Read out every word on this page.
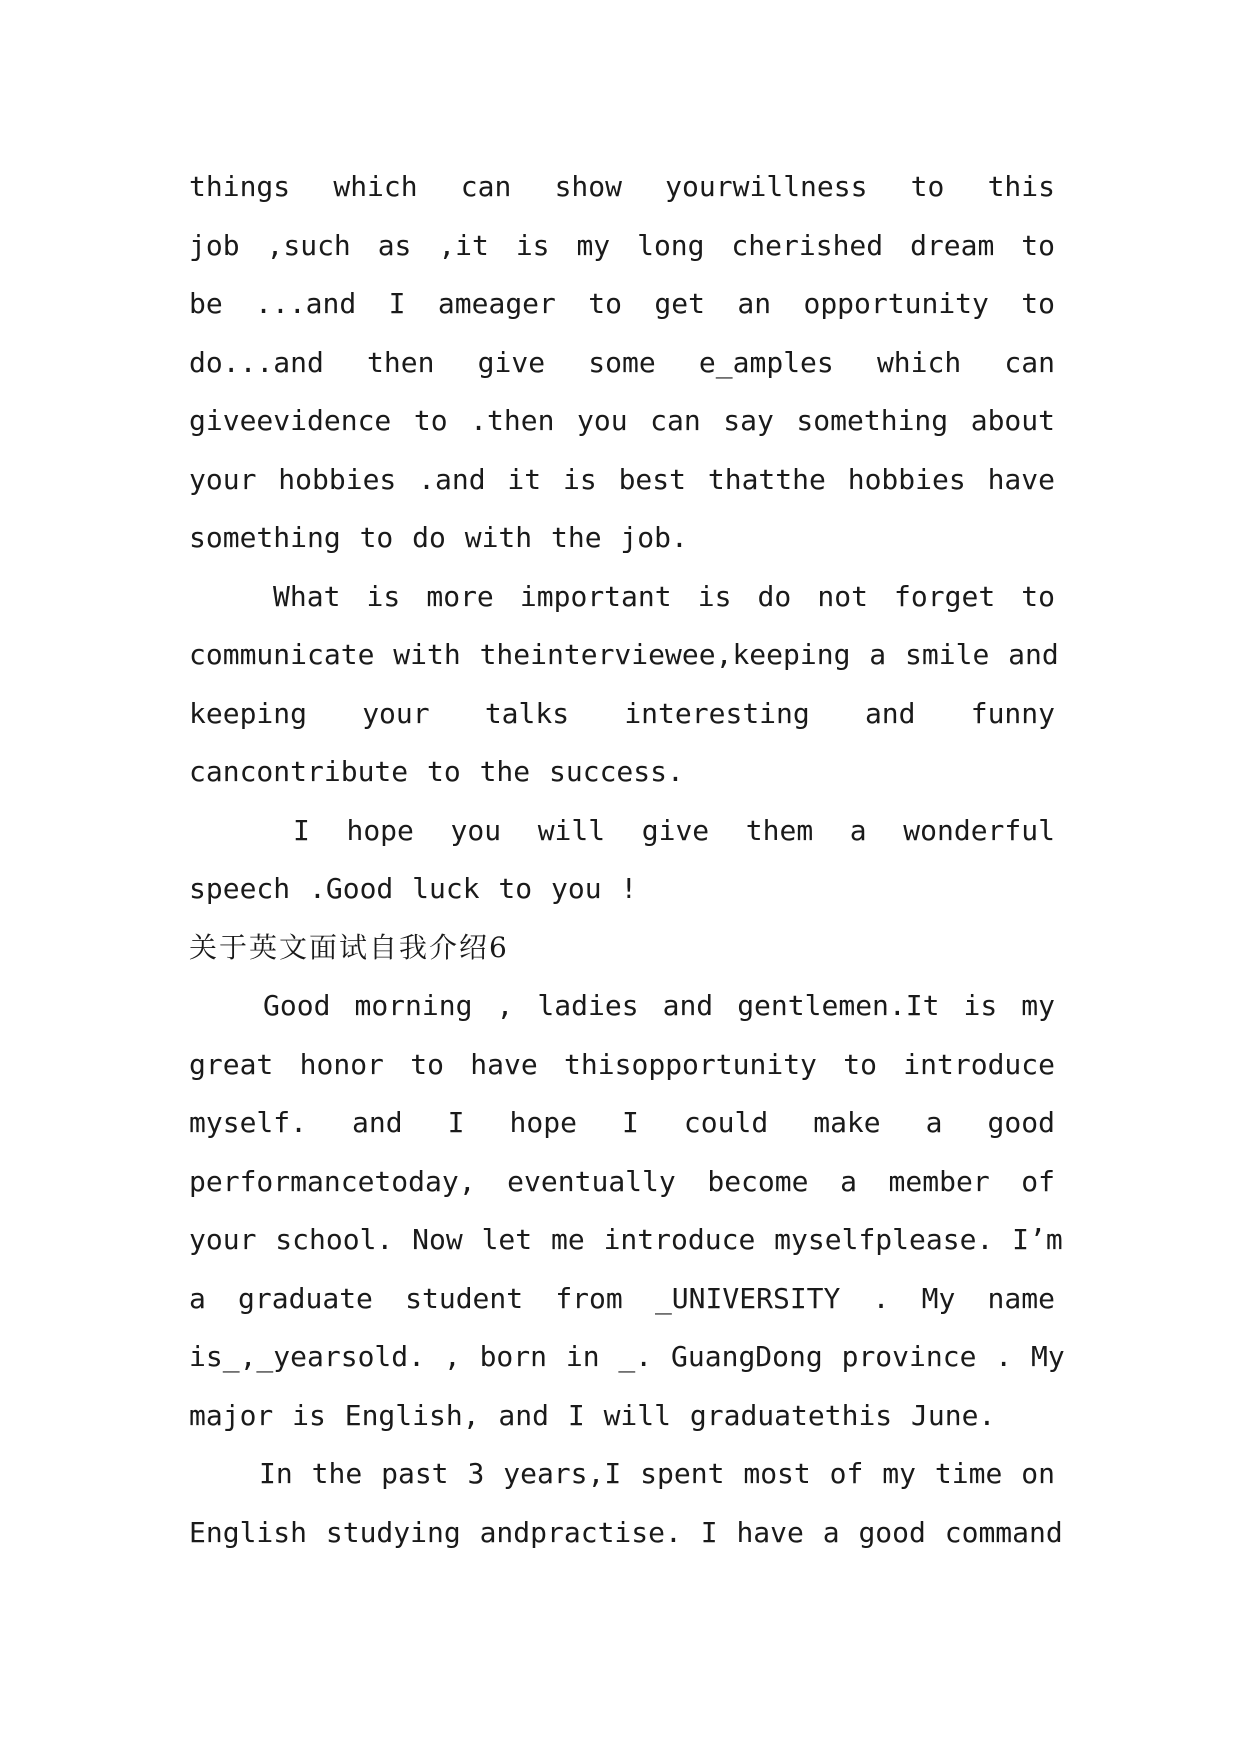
things which can show yourwillness to this
job ,such as ,it is my long cherished dream to
be ...and I ameager to get an opportunity to
do...and then give some e_amples which can
giveevidence to .then you can say something about
your hobbies .and it is best thatthe hobbies have
something to do with the job.
What is more important is do not forget to
communicate with theinterviewee,keeping a smile and
keeping your talks interesting and funny
cancontribute to the success.
I hope you will give them a wonderful
speech .Good luck to you !
关于英文面试自我介绍6
Good morning , ladies and gentlemen.It is my
great honor to have thisopportunity to introduce
myself. and I hope I could make a good
performancetoday, eventually become a member of
your school. Now let me introduce myselfplease. I’m
a graduate student from _UNIVERSITY . My name
is_,_yearsold. , born in _. GuangDong province . My
major is English, and I will graduatethis June.
In the past 3 years,I spent most of my time on
English studying andpractise. I have a good command
